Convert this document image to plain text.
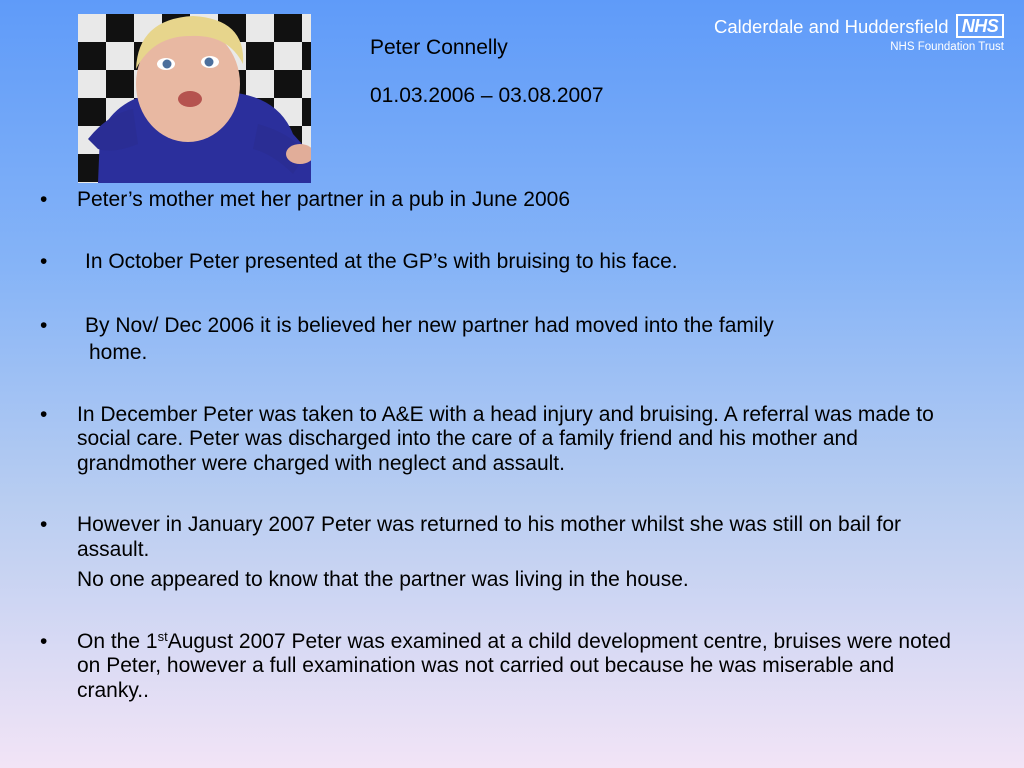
Peter Connelly
01.03.2006 – 03.08.2007
Calderdale and Huddersfield NHS
NHS Foundation Trust
• Peter’s mother met her partner in a pub in June 2006
• In October Peter presented at the GP’s with bruising to his face.
• By Nov/ Dec 2006 it is believed her new partner had moved into the family
home.
• In December Peter was taken to A&E with a head injury and bruising. A referral was made to social care. Peter was discharged into the care of a family friend and his mother and grandmother were charged with neglect and assault.
• However in January 2007 Peter was returned to his mother whilst she was still on bail for assault.
No one appeared to know that the partner was living in the house.
• On the 1stAugust 2007 Peter was examined at a child development centre, bruises were noted on Peter, however a full examination was not carried out because he was miserable and cranky..
